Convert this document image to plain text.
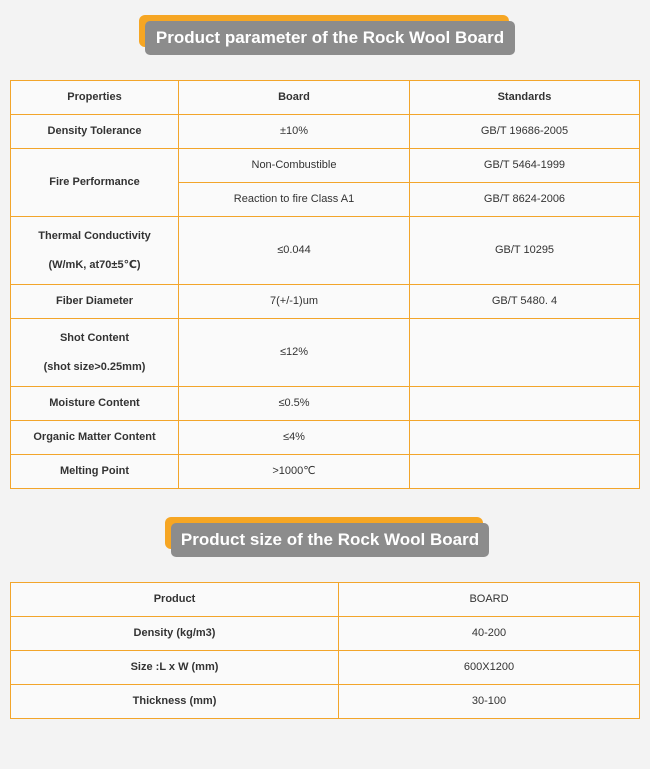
Product parameter of the Rock Wool Board
Properties	Board	Standards
Density Tolerance	±10%	GB/T 19686-2005
Fire Performance	Non-Combustible	GB/T 5464-1999
	Reaction to fire Class A1	GB/T 8624-2006

Thermal Conductivity
(W/mK, at70±5℃)	≤0.044	GB/T 10295
Fiber Diameter	7(+/-1)um	GB/T 5480. 4

Shot Content
(shot size>0.25mm)	≤12%	
Moisture Content	≤0.5%	
Organic Matter Content	≤4%	
Melting Point	>1000℃	
Product size of the Rock Wool Board
Product	BOARD
Density (kg/m3)	40-200
Size :L x W (mm)	600X1200
Thickness (mm)	30-100
